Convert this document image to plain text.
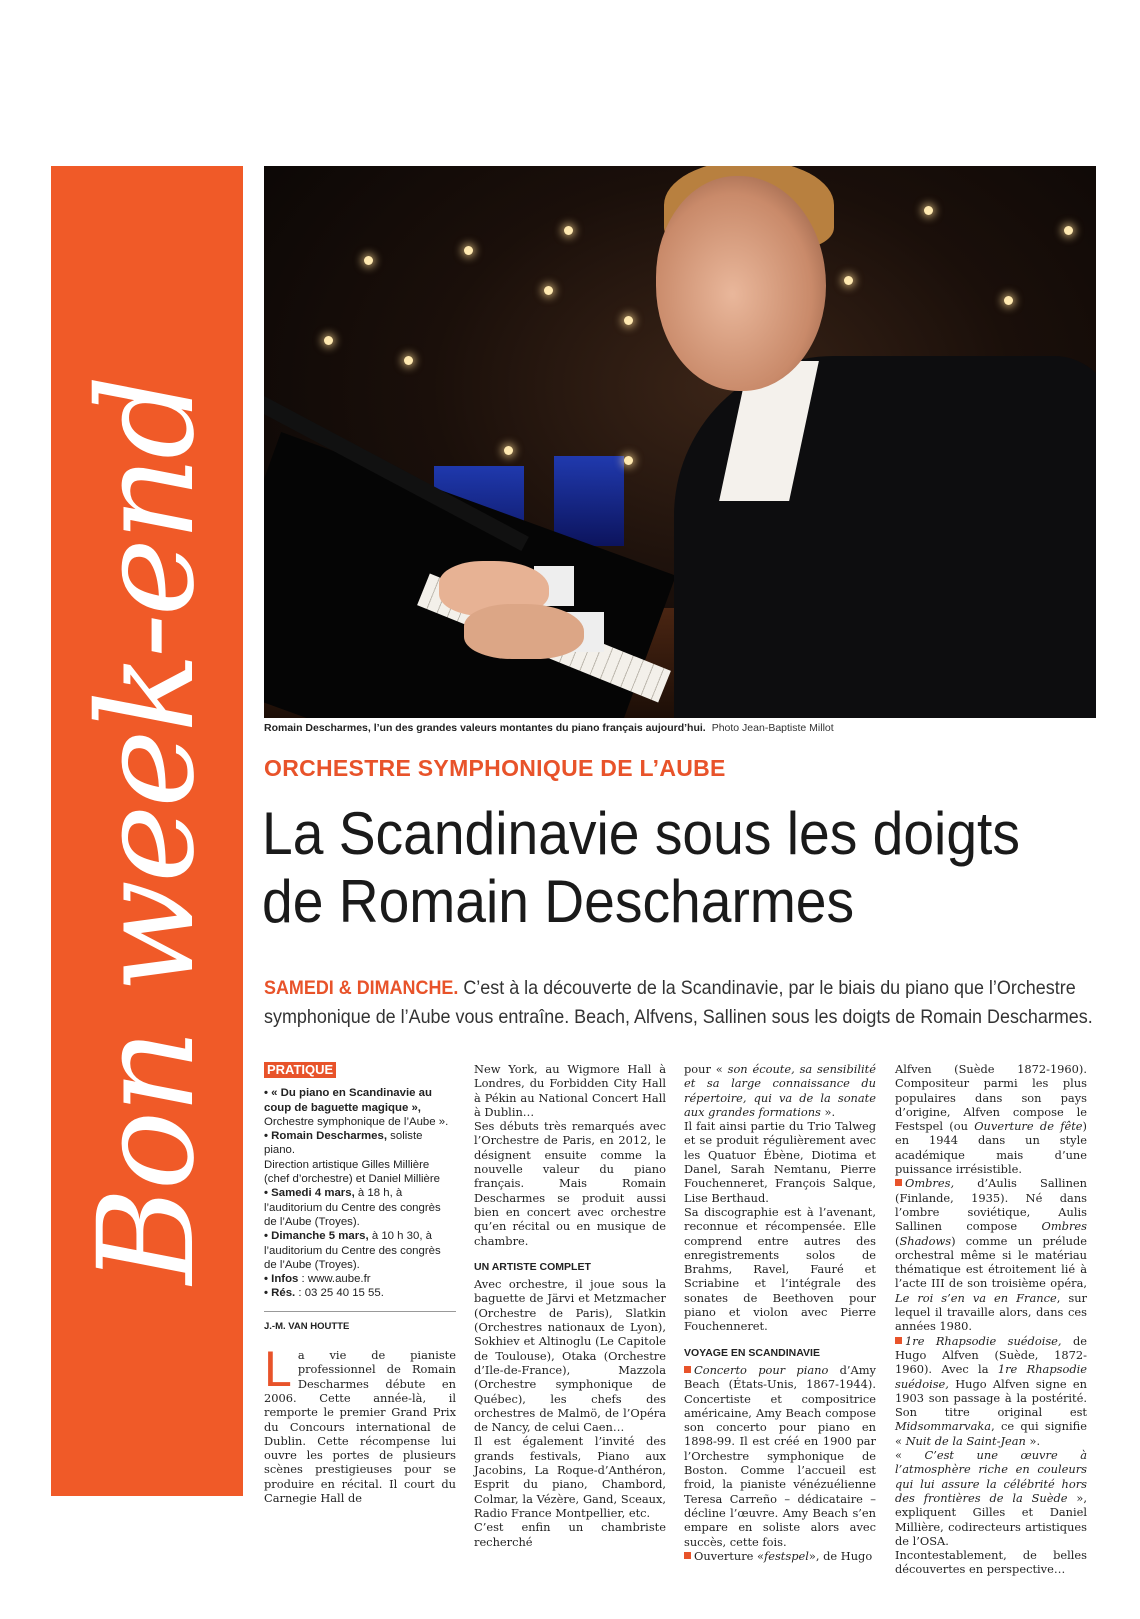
Bon week-end	Romain Descharmes, l’un des grandes valeurs montantes du piano français aujourd’hui. Photo Jean-Baptiste Millot
ORCHESTRE SYMPHONIQUE DE L’AUBE
La Scandinavie sous les doigts
de Romain Descharmes
SAMEDI & DIMANCHE. C’est à la découverte de la Scandinavie, par le biais du piano que l’Orchestre symphonique de l’Aube vous entraîne. Beach, Alfvens, Sallinen sous les doigts de Romain Descharmes.
PRATIQUE

• « Du piano en Scandinavie au coup de baguette magique », Orchestre symphonique de l’Aube ».

• Romain Descharmes, soliste piano.

Direction artistique Gilles Millière (chef d’orchestre) et Daniel Millière

• Samedi 4 mars, à 18 h, à l’auditorium du Centre des congrès de l’Aube (Troyes).

• Dimanche 5 mars, à 10 h 30, à l’auditorium du Centre des congrès de l’Aube (Troyes).

• Infos : www.aube.fr

• Rés. : 03 25 40 15 55.

J.-M. VAN HOUTTE

La vie de pianiste professionnel de Romain Descharmes débute en 2006. Cette année-là, il remporte le premier Grand Prix du Concours international de Dublin. Cette récompense lui ouvre les portes de plusieurs scènes prestigieuses pour se produire en récital. Il court du Carnegie Hall de

New York, au Wigmore Hall à Londres, du Forbidden City Hall à Pékin au National Concert Hall à Dublin…

Ses débuts très remarqués avec l’Orchestre de Paris, en 2012, le désignent ensuite comme la nouvelle valeur du piano français. Mais Romain Descharmes se produit aussi bien en concert avec orchestre qu’en récital ou en musique de chambre.

UN ARTISTE COMPLET

Avec orchestre, il joue sous la baguette de Järvi et Metzmacher (Orchestre de Paris), Slatkin (Orchestres nationaux de Lyon), Sokhiev et Altinoglu (Le Capitole de Toulouse), Otaka (Orchestre d’Ile-de-France), Mazzola (Orchestre symphonique de Québec), les chefs des orchestres de Malmö, de l’Opéra de Nancy, de celui Caen…

Il est également l’invité des grands festivals, Piano aux Jacobins, La Roque-d’Anthéron, Esprit du piano, Chambord, Colmar, la Vézère, Gand, Sceaux, Radio France Montpellier, etc.

C’est enfin un chambriste recherché

pour « son écoute, sa sensibilité et sa large connaissance du répertoire, qui va de la sonate aux grandes formations ».

Il fait ainsi partie du Trio Talweg et se produit régulièrement avec les Quatuor Ébène, Diotima et Danel, Sarah Nemtanu, Pierre Fouchenneret, François Salque, Lise Berthaud.

Sa discographie est à l’avenant, reconnue et récompensée. Elle comprend entre autres des enregistrements solos de Brahms, Ravel, Fauré et Scriabine et l’intégrale des sonates de Beethoven pour piano et violon avec Pierre Fouchenneret.

VOYAGE EN SCANDINAVIE

Concerto pour piano d’Amy Beach (États-Unis, 1867-1944). Concertiste et compositrice américaine, Amy Beach compose son concerto pour piano en 1898-99. Il est créé en 1900 par l’Orchestre symphonique de Boston. Comme l’accueil est froid, la pianiste vénézuélienne Teresa Carreño – dédicataire – décline l’œuvre. Amy Beach s’en empare en soliste alors avec succès, cette fois.

Ouverture «festspel», de Hugo

Alfven (Suède 1872-1960). Compositeur parmi les plus populaires dans son pays d’origine, Alfven compose le Festspel (ou Ouverture de fête) en 1944 dans un style académique mais d’une puissance irrésistible.

Ombres, d’Aulis Sallinen (Finlande, 1935). Né dans l’ombre soviétique, Aulis Sallinen compose Ombres (Shadows) comme un prélude orchestral même si le matériau thématique est étroitement lié à l’acte III de son troisième opéra, Le roi s’en va en France, sur lequel il travaille alors, dans ces années 1980.

1re Rhapsodie suédoise, de Hugo Alfven (Suède, 1872-1960). Avec la 1re Rhapsodie suédoise, Hugo Alfven signe en 1903 son passage à la postérité. Son titre original est Midsommarvaka, ce qui signifie « Nuit de la Saint-Jean ».

« C’est une œuvre à l’atmosphère riche en couleurs qui lui assure la célébrité hors des frontières de la Suède », expliquent Gilles et Daniel Millière, codirecteurs artistiques de l’OSA.

Incontestablement, de belles découvertes en perspective…
